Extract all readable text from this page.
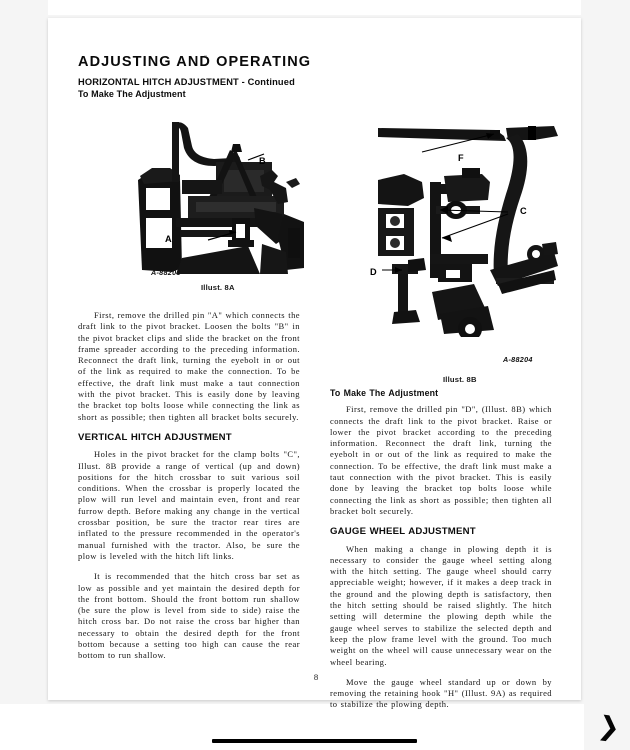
❯
ADJUSTING AND OPERATING
HORIZONTAL HITCH ADJUSTMENT - Continued
To Make The Adjustment
A
B
A-88203
Illust. 8A
F
C
D
A-88204
Illust. 8B

First, remove the drilled pin "A" which connects the draft link to the pivot bracket. Loosen the bolts "B" in the pivot bracket clips and slide the bracket on the front frame spreader according to the preceding information. Reconnect the draft link, turning the eyebolt in or out of the link as required to make the connection. To be effective, the draft link must make a taut connection with the pivot bracket. This is easily done by leaving the bracket top bolts loose while connecting the link as short as possible; then tighten all bracket bolts securely.

VERTICAL HITCH ADJUSTMENT

Holes in the pivot bracket for the clamp bolts "C", Illust. 8B provide a range of vertical (up and down) positions for the hitch crossbar to suit various soil conditions. When the crossbar is properly located the plow will run level and maintain even, front and rear furrow depth. Before making any change in the vertical crossbar position, be sure the tractor rear tires are inflated to the pressure recommended in the operator's manual furnished with the tractor. Also, be sure the plow is leveled with the hitch lift links.

It is recommended that the hitch cross bar set as low as possible and yet maintain the desired depth for the front bottom. Should the front bottom run shallow (be sure the plow is level from side to side) raise the hitch cross bar. Do not raise the cross bar higher than necessary to obtain the desired depth for the front bottom because a setting too high can cause the rear bottom to run shallow.

To Make The Adjustment

First, remove the drilled pin "D", (Illust. 8B) which connects the draft link to the pivot bracket. Raise or lower the pivot bracket according to the preceding information. Reconnect the draft link, turning the eyebolt in or out of the link as required to make the connection. To be effective, the draft link must make a taut connection with the pivot bracket. This is easily done by leaving the bracket top bolts loose while connecting the link as short as possible; then tighten all bracket bolt securely.

GAUGE WHEEL ADJUSTMENT

When making a change in plowing depth it is necessary to consider the gauge wheel setting along with the hitch setting. The gauge wheel should carry appreciable weight; however, if it makes a deep track in the ground and the plowing depth is satisfactory, then the hitch setting should be raised slightly. The hitch setting will determine the plowing depth while the gauge wheel serves to stabilize the selected depth and keep the plow frame level with the ground. Too much weight on the wheel will cause unnecessary wear on the wheel bearing.

Move the gauge wheel standard up or down by removing the retaining hook "H" (Illust. 9A) as required to stabilize the plowing depth.

8
